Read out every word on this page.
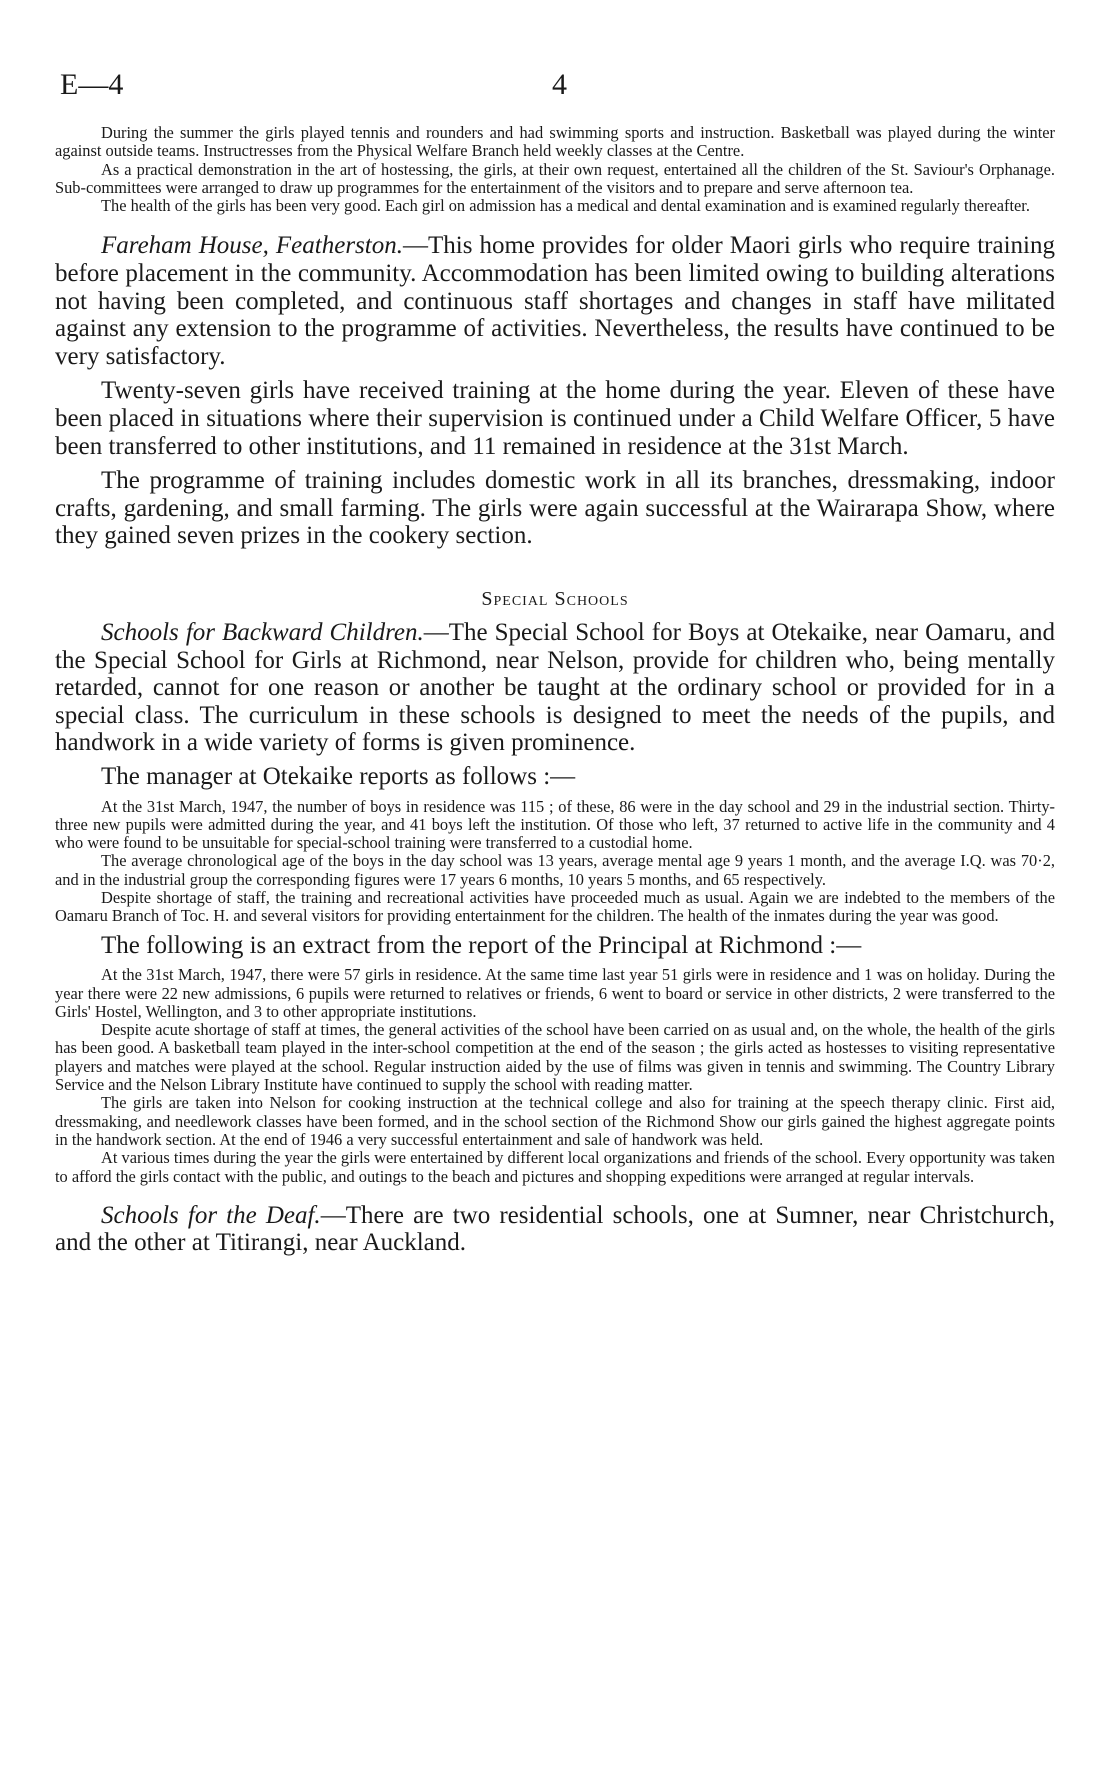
E—4	4

During the summer the girls played tennis and rounders and had swimming sports and instruction. Basketball was played during the winter against outside teams. Instructresses from the Physical Welfare Branch held weekly classes at the Centre.

As a practical demonstration in the art of hostessing, the girls, at their own request, entertained all the children of the St. Saviour's Orphanage. Sub-committees were arranged to draw up programmes for the entertainment of the visitors and to prepare and serve afternoon tea.

The health of the girls has been very good. Each girl on admission has a medical and dental examination and is examined regularly thereafter.

Fareham House, Featherston.—This home provides for older Maori girls who require training before placement in the community. Accommodation has been limited owing to building alterations not having been completed, and continuous staff shortages and changes in staff have militated against any extension to the programme of activities. Nevertheless, the results have continued to be very satisfactory.

Twenty-seven girls have received training at the home during the year. Eleven of these have been placed in situations where their supervision is continued under a Child Welfare Officer, 5 have been transferred to other institutions, and 11 remained in residence at the 31st March.

The programme of training includes domestic work in all its branches, dressmaking, indoor crafts, gardening, and small farming. The girls were again successful at the Wairarapa Show, where they gained seven prizes in the cookery section.

Special Schools

Schools for Backward Children.—The Special School for Boys at Otekaike, near Oamaru, and the Special School for Girls at Richmond, near Nelson, provide for children who, being mentally retarded, cannot for one reason or another be taught at the ordinary school or provided for in a special class. The curriculum in these schools is designed to meet the needs of the pupils, and handwork in a wide variety of forms is given prominence.

The manager at Otekaike reports as follows :—

At the 31st March, 1947, the number of boys in residence was 115 ; of these, 86 were in the day school and 29 in the industrial section. Thirty-three new pupils were admitted during the year, and 41 boys left the institution. Of those who left, 37 returned to active life in the community and 4 who were found to be unsuitable for special-school training were transferred to a custodial home.

The average chronological age of the boys in the day school was 13 years, average mental age 9 years 1 month, and the average I.Q. was 70·2, and in the industrial group the corresponding figures were 17 years 6 months, 10 years 5 months, and 65 respectively.

Despite shortage of staff, the training and recreational activities have proceeded much as usual. Again we are indebted to the members of the Oamaru Branch of Toc. H. and several visitors for providing entertainment for the children. The health of the inmates during the year was good.

The following is an extract from the report of the Principal at Richmond :—

At the 31st March, 1947, there were 57 girls in residence. At the same time last year 51 girls were in residence and 1 was on holiday. During the year there were 22 new admissions, 6 pupils were returned to relatives or friends, 6 went to board or service in other districts, 2 were transferred to the Girls' Hostel, Wellington, and 3 to other appropriate institutions.

Despite acute shortage of staff at times, the general activities of the school have been carried on as usual and, on the whole, the health of the girls has been good. A basketball team played in the inter-school competition at the end of the season ; the girls acted as hostesses to visiting representative players and matches were played at the school. Regular instruction aided by the use of films was given in tennis and swimming. The Country Library Service and the Nelson Library Institute have continued to supply the school with reading matter.

The girls are taken into Nelson for cooking instruction at the technical college and also for training at the speech therapy clinic. First aid, dressmaking, and needlework classes have been formed, and in the school section of the Richmond Show our girls gained the highest aggregate points in the handwork section. At the end of 1946 a very successful entertainment and sale of handwork was held.

At various times during the year the girls were entertained by different local organizations and friends of the school. Every opportunity was taken to afford the girls contact with the public, and outings to the beach and pictures and shopping expeditions were arranged at regular intervals.

Schools for the Deaf.—There are two residential schools, one at Sumner, near Christchurch, and the other at Titirangi, near Auckland.
